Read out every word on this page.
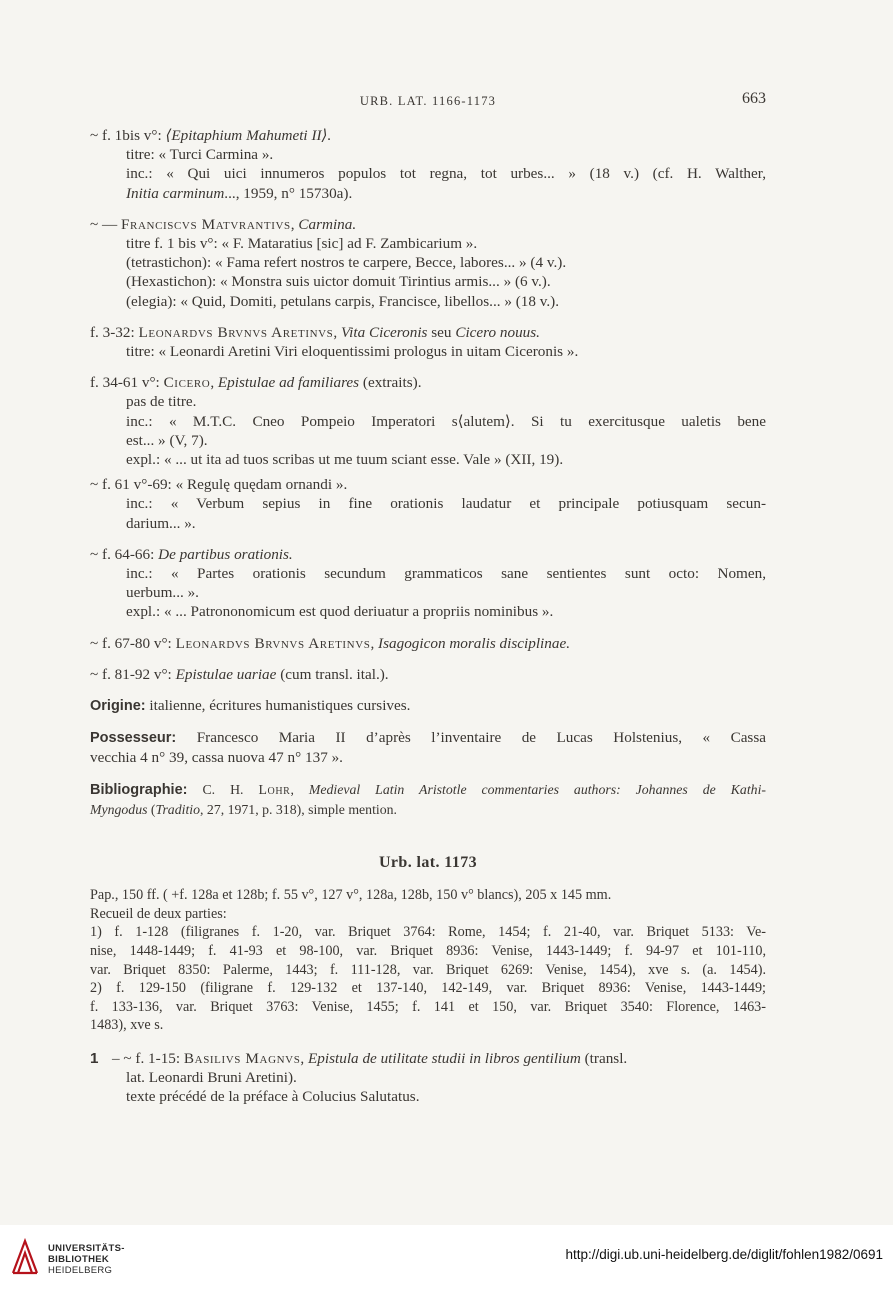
URB. LAT. 1166-1173	663
~ f. 1bis v°: ⟨Epitaphium Mahumeti II⟩.
titre: « Turci Carmina ».
inc.: « Qui uici innumeros populos tot regna, tot urbes... » (18 v.) (cf. H. Walther,
Initia carminum..., 1959, n° 15730a).
~ — Franciscvs Matvrantivs, Carmina.
titre f. 1 bis v°: « F. Mataratius [sic] ad F. Zambicarium ».
(tetrastichon): « Fama refert nostros te carpere, Becce, labores... » (4 v.).
(Hexastichon): « Monstra suis uictor domuit Tirintius armis... » (6 v.).
(elegia): « Quid, Domiti, petulans carpis, Francisce, libellos... » (18 v.).
f. 3-32: Leonardvs Brvnvs Aretinvs, Vita Ciceronis seu Cicero nouus.
titre: « Leonardi Aretini Viri eloquentissimi prologus in uitam Ciceronis ».
f. 34-61 v°: Cicero, Epistulae ad familiares (extraits).
pas de titre.
inc.: « M.T.C. Cneo Pompeio Imperatori s⟨alutem⟩. Si tu exercitusque ualetis bene
est... » (V, 7).
expl.: « ... ut ita ad tuos scribas ut me tuum sciant esse. Vale » (XII, 19).
~ f. 61 v°-69: « Regulę quędam ornandi ».
inc.: « Verbum sepius in fine orationis laudatur et principale potiusquam secun-
darium... ».
~ f. 64-66: De partibus orationis.
inc.: « Partes orationis secundum grammaticos sane sentientes sunt octo: Nomen,
uerbum... ».
expl.: « ... Patrononomicum est quod deriuatur a propriis nominibus ».
~ f. 67-80 v°: Leonardvs Brvnvs Aretinvs, Isagogicon moralis disciplinae.
~ f. 81-92 v°: Epistulae uariae (cum transl. ital.).
Origine: italienne, écritures humanistiques cursives.
Possesseur: Francesco Maria II d’après l’inventaire de Lucas Holstenius, « Cassa
vecchia 4 n° 39, cassa nuova 47 n° 137 ».
Bibliographie: C. H. Lohr, Medieval Latin Aristotle commentaries authors: Johannes de Kathi-
Myngodus (Traditio, 27, 1971, p. 318), simple mention.
Urb. lat. 1173
Pap., 150 ff. ( +f. 128a et 128b; f. 55 v°, 127 v°, 128a, 128b, 150 v° blancs), 205 x 145 mm.
Recueil de deux parties:
1) f. 1-128 (filigranes f. 1-20, var. Briquet 3764: Rome, 1454; f. 21-40, var. Briquet 5133: Ve-
nise, 1448-1449; f. 41-93 et 98-100, var. Briquet 8936: Venise, 1443-1449; f. 94-97 et 101-110,
var. Briquet 8350: Palerme, 1443; f. 111-128, var. Briquet 6269: Venise, 1454), xve s. (a. 1454).
2) f. 129-150 (filigrane f. 129-132 et 137-140, 142-149, var. Briquet 8936: Venise, 1443-1449;
f. 133-136, var. Briquet 3763: Venise, 1455; f. 141 et 150, var. Briquet 3540: Florence, 1463-
1483), xve s.
1 – ~ f. 1-15: Basilivs Magnvs, Epistula de utilitate studii in libros gentilium (transl.
lat. Leonardi Bruni Aretini).
texte précédé de la préface à Colucius Salutatus.
UNIVERSITÄTS-
BIBLIOTHEK
HEIDELBERG
http://digi.ub.uni-heidelberg.de/diglit/fohlen1982/0691
